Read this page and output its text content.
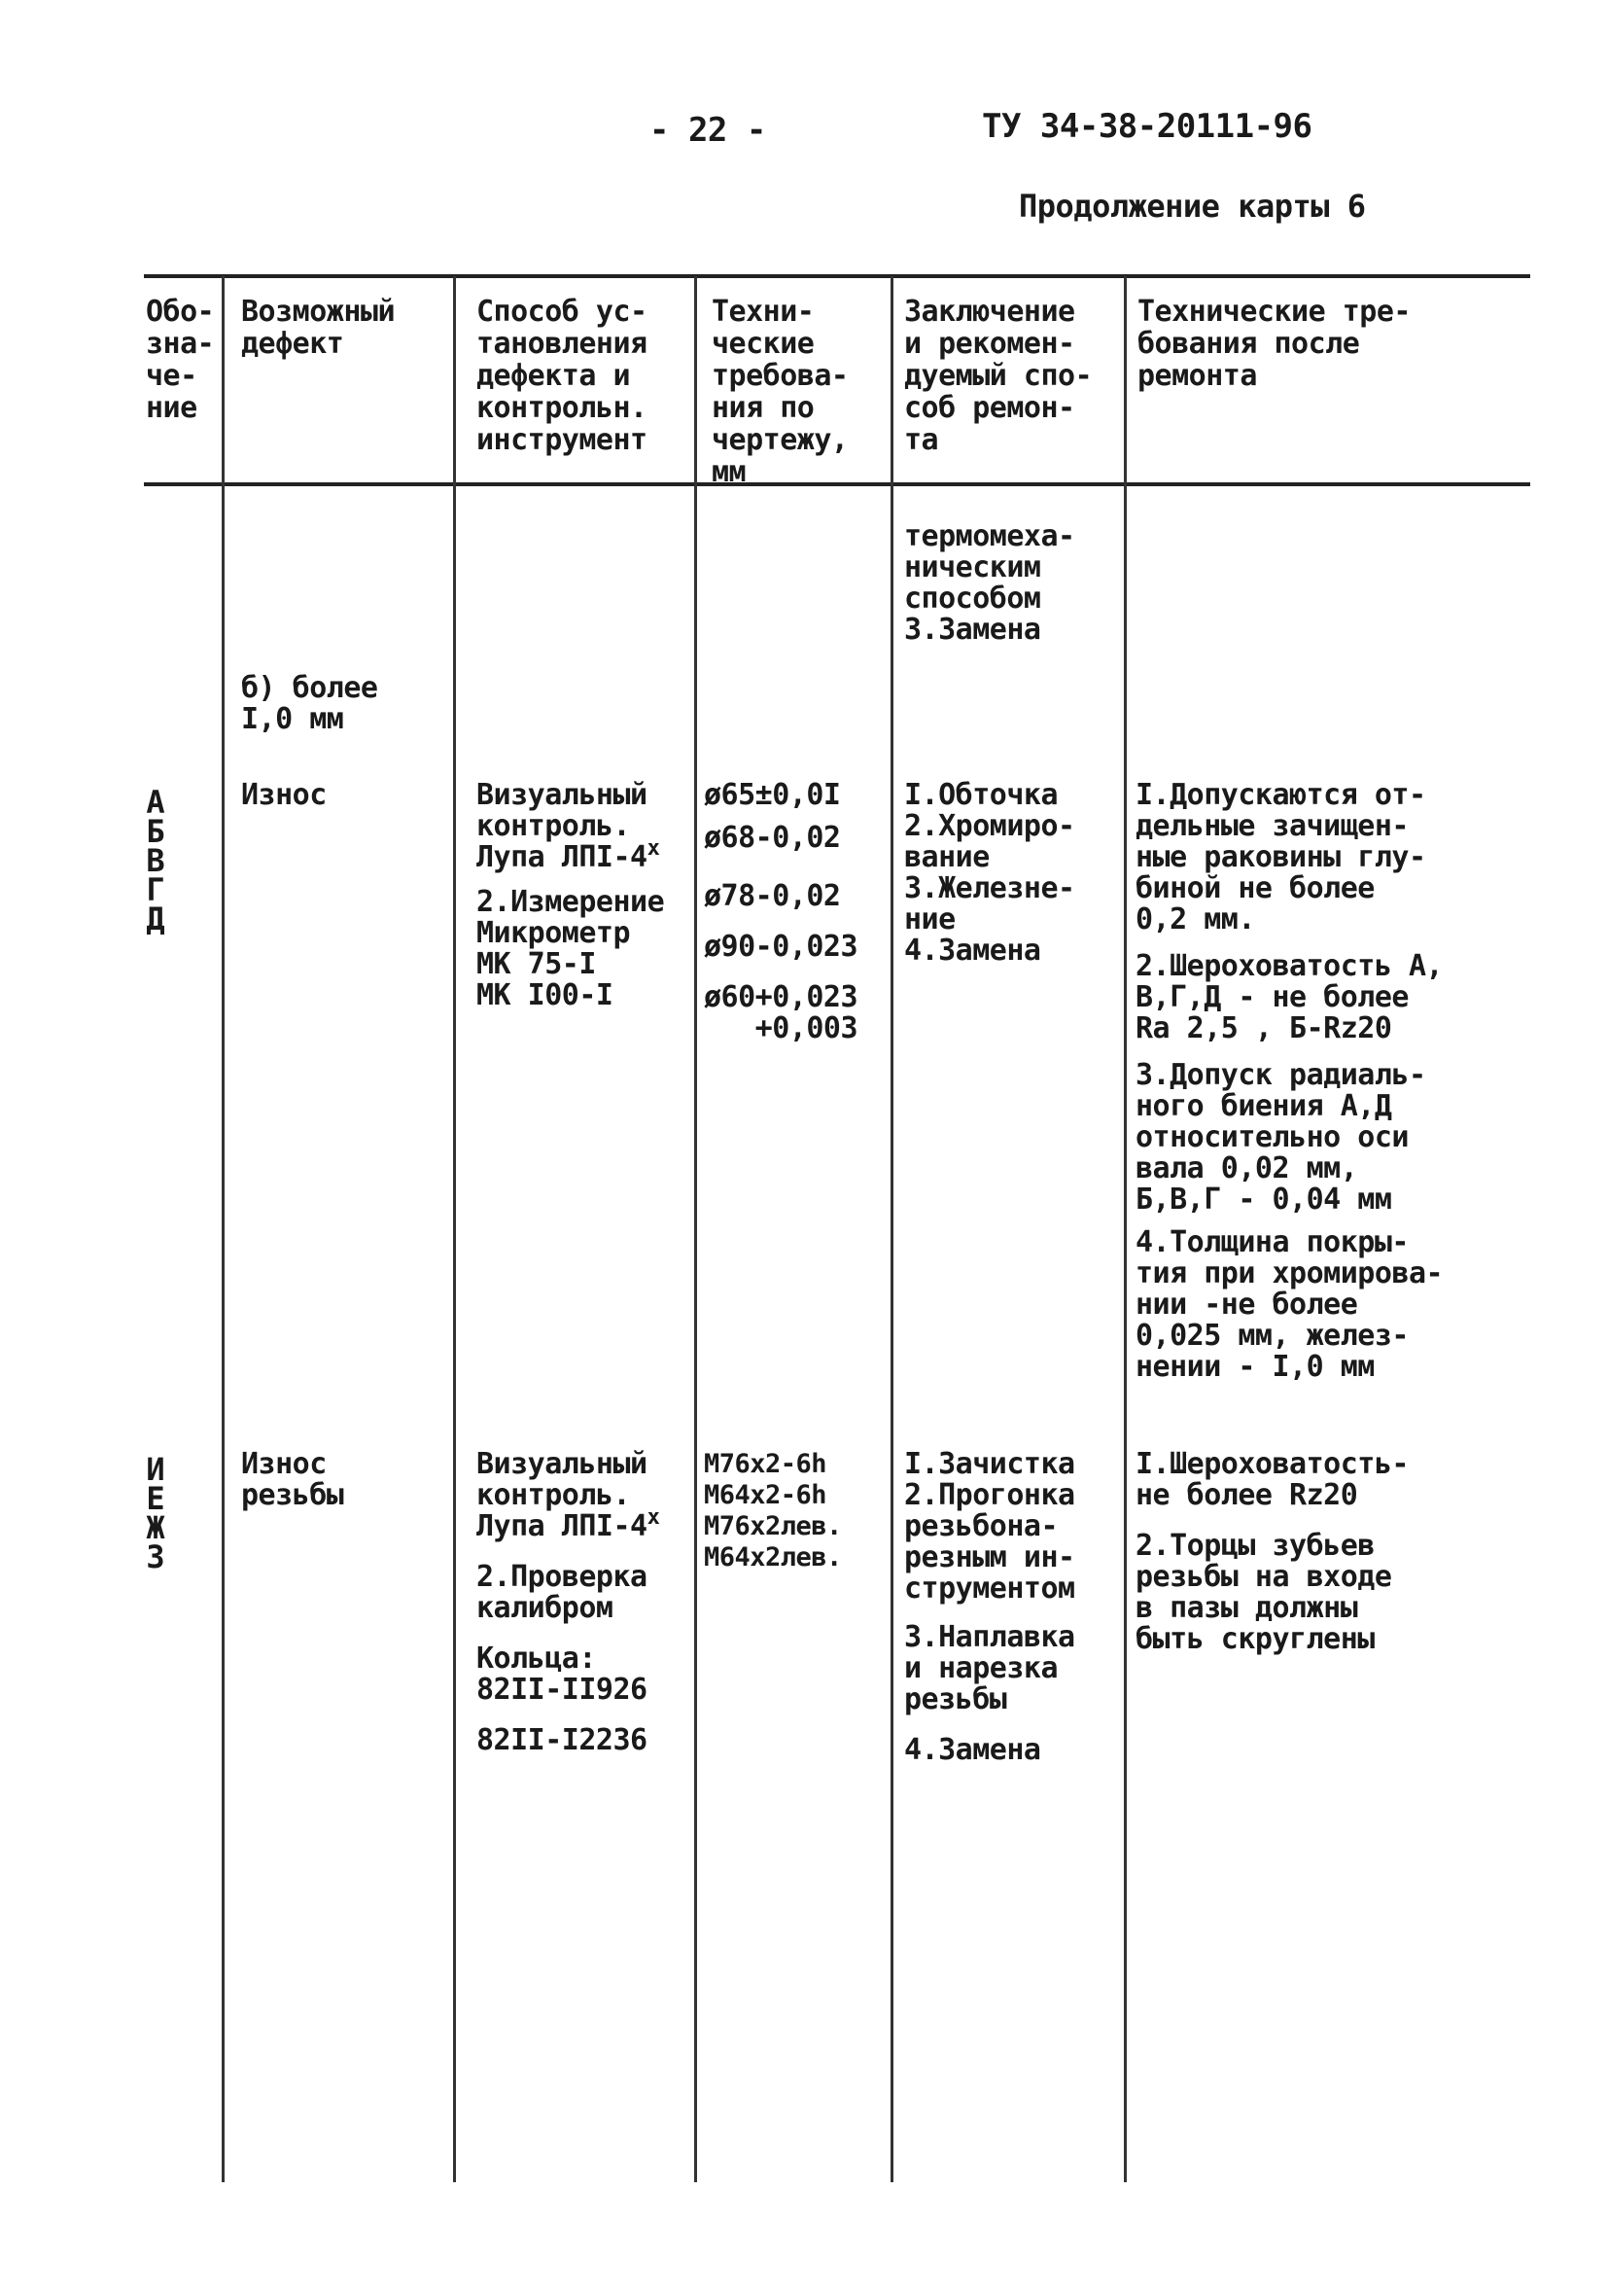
- 22 -	ТУ 34-38-20111-96
Продолжение карты 6
Обо-
зна-
че-
ние
Возможный
дефект
Способ ус-
тановления
дефекта и
контрольн.
инструмент
Техни-
ческие
требова-
ния по
чертежу,
мм
Заключение
и рекомен-
дуемый спо-
соб ремон-
та
Технические тре-
бования после
ремонта
термомеха-
ническим
способом
3.Замена
б) более
I,0 мм
А
Б
В
Г
Д
Износ	Визуальный
контроль.
Лупа ЛПI-$4^х$
2.Измерение
Микрометр
МК 75-I
МК I00-I
ø65±0,0I
ø68-0,02
ø78-0,02
ø90-0,023
ø60+0,023
+0,003
I.Обточка
2.Хромиро-
вание
3.Железне-
ние
4.Замена
I.Допускаются от-
дельные зачищен-
ные раковины глу-
биной не более
0,2 мм.
2.Шероховатость А,
В,Г,Д - не более
Ra 2,5 , Б-Rz20
3.Допуск радиаль-
ного биения А,Д
относительно оси
вала 0,02 мм,
Б,В,Г - 0,04 мм
4.Толщина покры-
тия при хромирова-
нии -не более
0,025 мм, желез-
нении - I,0 мм
И
Е
Ж
З
Износ
резьбы
Визуальный
контроль.
Лупа ЛПI-$4^х$
2.Проверка
калибром
Кольца:
82II-II926
82II-I2236
М76х2-6h
М64х2-6h
М76х2лев.
М64х2лев.
I.Зачистка
2.Прогонка
резьбона-
резным ин-
струментом
3.Наплавка
и нарезка
резьбы
4.Замена
I.Шероховатость-
не более Rz20
2.Торцы зубьев
резьбы на входе
в пазы должны
быть скруглены
